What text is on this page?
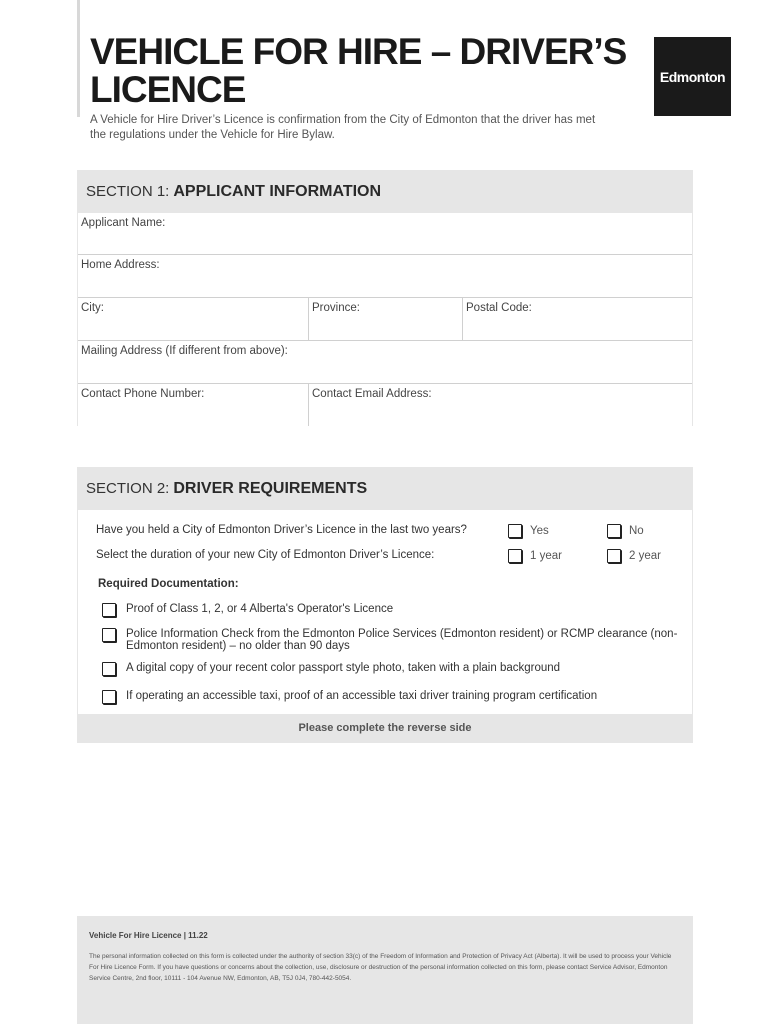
VEHICLE FOR HIRE – DRIVER’S LICENCE	Edmonton
A Vehicle for Hire Driver’s Licence is confirmation from the City of Edmonton that the driver has met the regulations under the Vehicle for Hire Bylaw.
SECTION 1: APPLICANT INFORMATION
Applicant Name:
Home Address:
City:	Province:	Postal Code:
Mailing Address (If different from above):
Contact Phone Number:	Contact Email Address:
SECTION 2: DRIVER REQUIREMENTS
Have you held a City of Edmonton Driver’s Licence in the last two years?	Yes	No
Select the duration of your new City of Edmonton Driver’s Licence:	1 year	2 year
Required Documentation:
Proof of Class 1, 2, or 4 Alberta's Operator's Licence
Police Information Check from the Edmonton Police Services (Edmonton resident) or RCMP clearance (non-Edmonton resident) – no older than 90 days
A digital copy of your recent color passport style photo, taken with a plain background
If operating an accessible taxi, proof of an accessible taxi driver training program certification
Please complete the reverse side
Vehicle For Hire Licence | 11.22
The personal information collected on this form is collected under the authority of section 33(c) of the Freedom of Information and Protection of Privacy Act (Alberta). It will be used to process your Vehicle For Hire Licence Form. If you have questions or concerns about the collection, use, disclosure or destruction of the personal information collected on this form, please contact Service Advisor, Edmonton Service Centre, 2nd floor, 10111 - 104 Avenue NW, Edmonton, AB, T5J 0J4, 780-442-5054.
